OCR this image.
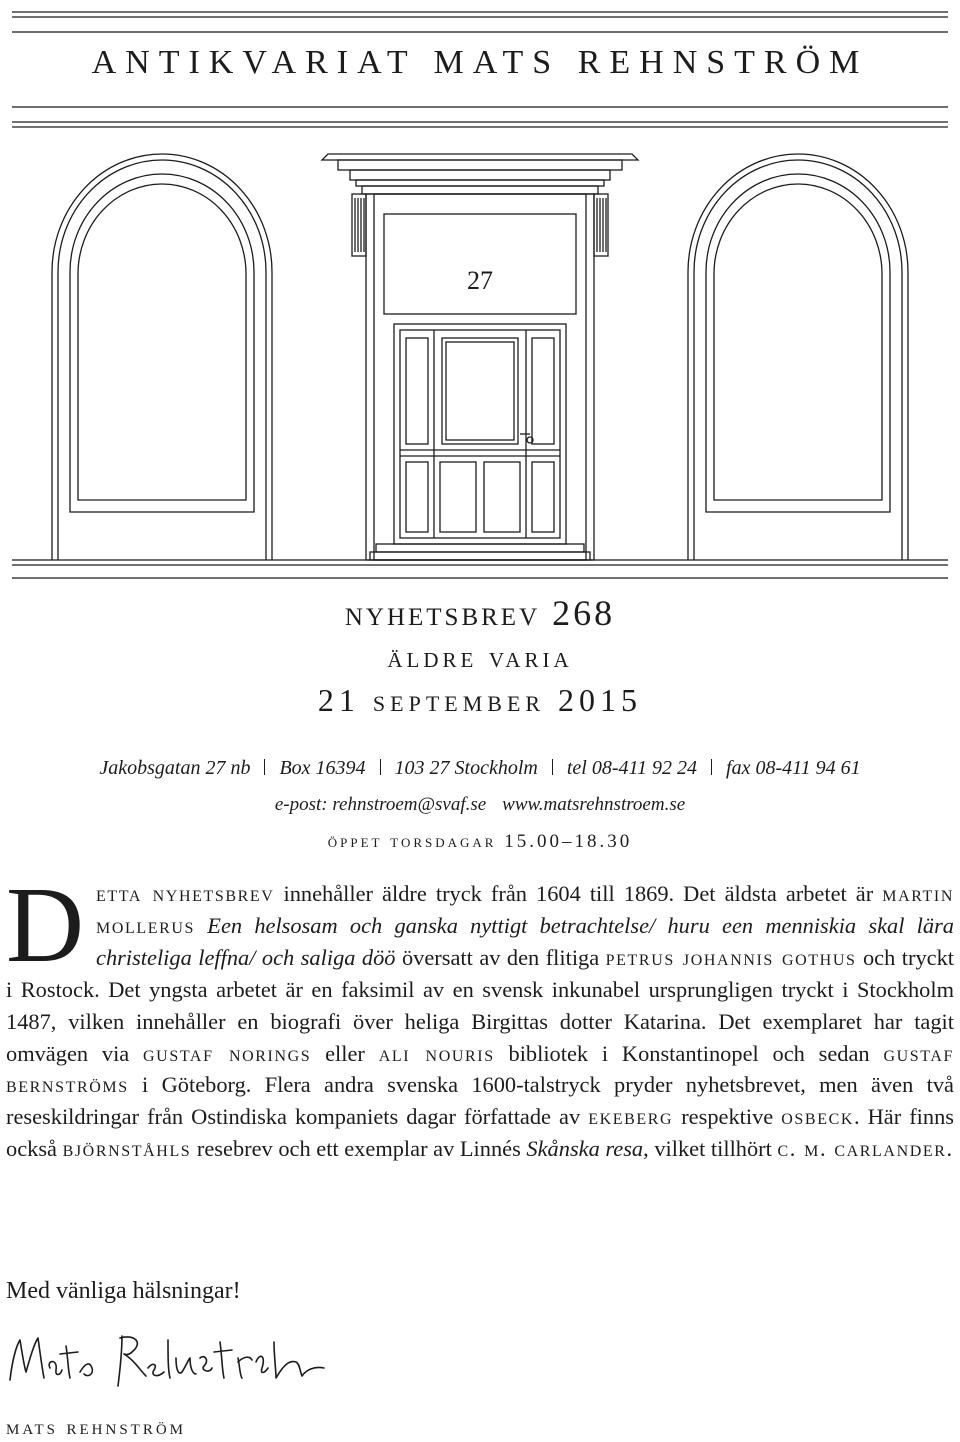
ANTIKVARIAT MATS REHNSTRÖM
27
nyhetsbrev 268
äldre varia
21 september 2015
Jakobsgatan 27 nb Box 16394 103 27 Stockholm tel 08-411 92 24 fax 08-411 94 61
e-post: rehnstroem@svaf.se www.matsrehnstroem.se
öppet torsdagar 15.00–18.30

Detta nyhetsbrev innehåller äldre tryck från 1604 till 1869. Det äldsta arbetet är martin mollerus Een helsosam och ganska nyttigt betrachtelse/ huru een menniskia skal lära christeliga leffna/ och saliga döö översatt av den flitiga petrus johannis gothus och tryckt i Rostock. Det yngsta arbetet är en faksimil av en svensk inkunabel ursprungligen tryckt i Stockholm 1487, vilken innehåller en biografi över heliga Birgittas dotter Katarina. Det exemplaret har tagit omvägen via gustaf norings eller ali nouris bibliotek i Konstantinopel och sedan gustaf bernströms i Göteborg. Flera andra svenska 1600-talstryck pryder nyhetsbrevet, men även två reseskildringar från Ostindiska kompaniets dagar författade av ekeberg respektive osbeck. Här finns också björnståhls resebrev och ett exemplar av Linnés Skånska resa, vilket tillhört c. m. carlander.

Med vänliga hälsningar!
mats rehnström
